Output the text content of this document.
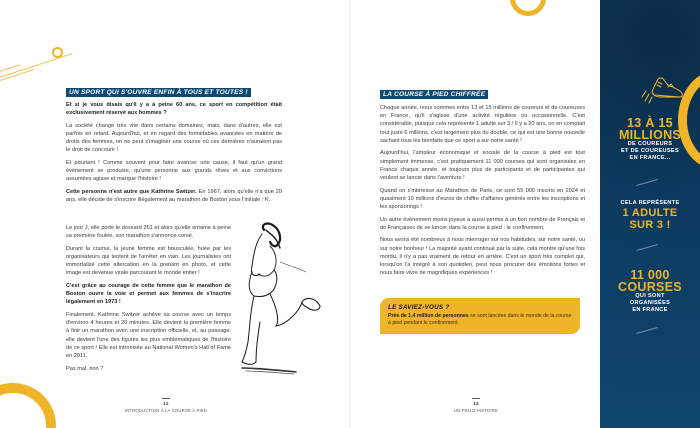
UN SPORT QUI S'OUVRE ENFIN À TOUS ET TOUTES !

Et si je vous disais qu'il y a à peine 60 ans, ce sport en compétition était exclusivement réservé aux hommes ?

La société change très vite dans certains domaines, mais, dans d'autres, elle est parfois en retard. Aujourd'hui, et en regard des formidables avancées en matière de droits des femmes, on ne peut s'imaginer une course où ces dernières n'auraient pas le droit de concourir !

Et pourtant ! Comme souvent pour faire avancer une cause, il faut qu'un grand évènement se produise, qu'une personne aux grands rêves et aux convictions assumées agisse et marque l'histoire !

Cette personne n'est autre que Kathrine Switzer. En 1967, alors qu'elle n'a que 20 ans, elle décide de s'inscrire illégalement au marathon de Boston sous l'initiale : K.

Le jour J, elle porte le dossard 261 et alors qu'elle entame à peine sa première foulée, son marathon s'annonce corsé.

Durant la course, la jeune femme est bousculée, huée par les organisateurs qui tentent de l'arrêter en vain. Les journalistes ont immortalisé cette altercation en la prenant en photo, et cette image est devenue virale parcourant le monde entier !

C'est grâce au courage de cette femme que le marathon de Boston ouvre la voie et permet aux femmes de s'inscrire légalement en 1973 !

Finalement, Kathrine Switzer achève sa course avec un temps d'environ 4 heures et 20 minutes. Elle devient la première femme à finir un marathon avec une inscription officielle, et, au passage, elle devient l'une des figures les plus emblématiques de l'histoire de ce sport ! Elle est intronisée au National Women's Hall of Fame en 2011.

Pas mal, non ?

12
INTRODUCTION À LA COURSE À PIED
LA COURSE À PIED CHIFFRÉE

Chaque année, nous sommes entre 13 et 15 millions de coureurs et de coureuses en France, qu'il s'agisse d'une activité régulière ou occasionnelle. C'est considérable, puisque cela représente 1 adulte sur 3 ! Il y a 20 ans, on en comptait tout juste 6 millions, c'est largement plus du double, ce qui est une bonne nouvelle sachant tous les bienfaits que ce sport a sur notre santé !

Aujourd'hui, l'ampleur économique et sociale de la course à pied est tout simplement immense, c'est pratiquement 11 000 courses qui sont organisées en France chaque année, et toujours plus de participants et de participantes qui veulent se lancer dans l'aventure !

Quand on s'intéresse au Marathon de Paris, ce sont 55 000 inscrits en 2024 et quasiment 10 millions d'euros de chiffre d'affaires générés entre les inscriptions et les sponsorings !

Un autre évènement moins joyeux a aussi permis à un bon nombre de Français et de Françaises de se lancer dans la course à pied : le confinement.

Nous avons été nombreux à nous interroger sur nos habitudes, sur notre santé, ou sur notre bonheur ! La majorité ayant continué par la suite, cela montre qu'une fois mordu, il n'y a pas vraiment de retour en arrière. C'est un sport très complet qui, lorsqu'on l'a intégré à son quotidien, peut nous procurer des émotions fortes et nous faire vivre de magnifiques expériences !

LE SAVIEZ-VOUS ?
Près de 1,4 million de personnes se sont lancées dans le monde de la course à pied pendant le confinement.
13
UN PEU D'HISTOIRE
13 À 15
MILLIONS
DE COUREURS
ET DE COUREUSES
EN FRANCE...
CELA REPRÉSENTE
1 ADULTE
SUR 3 !
11 000
COURSES
QUI SONT
ORGANISÉES
EN FRANCE
